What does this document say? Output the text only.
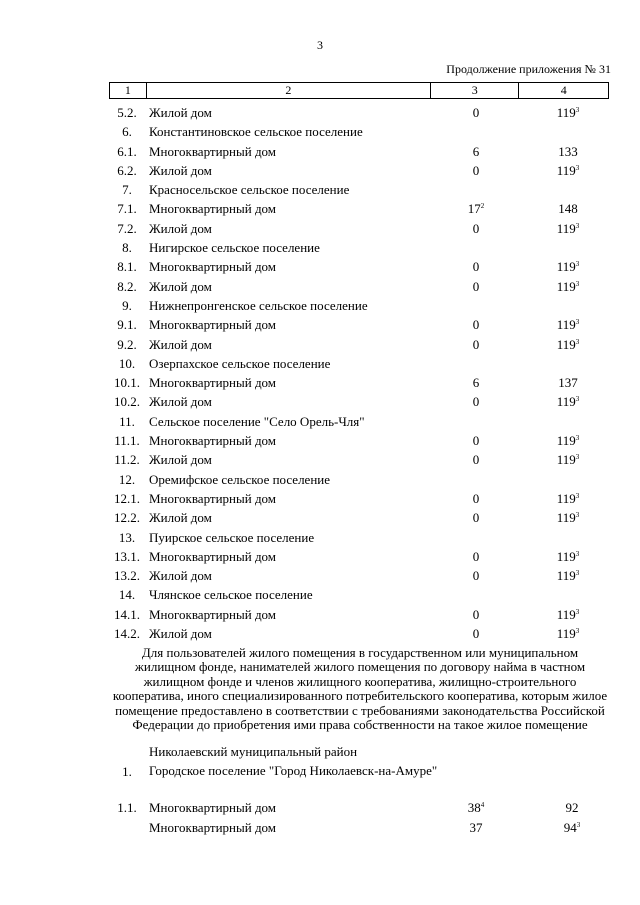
3
Продолжение приложения № 31
1	2	3	4
5.2. Жилой дом	0	$119^3$
6.	Константиновское сельское поселение
6.1. Многоквартирный дом	6	133
6.2. Жилой дом	0	$119^3$
7.	Красносельское сельское поселение
7.1. Многоквартирный дом	$17^2$	148
7.2. Жилой дом	0	$119^3$
8.	Нигирское сельское поселение
8.1. Многоквартирный дом	0	$119^3$
8.2. Жилой дом	0	$119^3$
9.	Нижнепронгенское сельское поселение
9.1. Многоквартирный дом	0	$119^3$
9.2. Жилой дом	0	$119^3$
10.	Озерпахское сельское поселение
10.1. Многоквартирный дом	6	137
10.2. Жилой дом	0	$119^3$
11.	Сельское поселение "Село Орель-Чля"
11.1. Многоквартирный дом	0	$119^3$
11.2. Жилой дом	0	$119^3$
12.	Оремифское сельское поселение
12.1. Многоквартирный дом	0	$119^3$
12.2. Жилой дом	0	$119^3$
13.	Пуирское сельское поселение
13.1. Многоквартирный дом	0	$119^3$
13.2. Жилой дом	0	$119^3$
14.	Члянское сельское поселение
14.1. Многоквартирный дом	0	$119^3$
14.2. Жилой дом	0	$119^3$
Для пользователей жилого помещения в государственном или муниципальном жилищном фонде, нанимателей жилого помещения по договору найма в частном жилищном фонде и членов жилищного кооператива, жилищно-строительного кооператива, иного специализированного потребительского кооператива, которым жилое помещение предоставлено в соответствии с требованиями законодательства Российской Федерации до приобретения ими права собственности на такое жилое помещение
Николаевский муниципальный район
1.	Городское поселение "Город Николаевск-на-Амуре"
1.1. Многоквартирный дом	$38^4$	92
Многоквартирный дом	37	$94^3$
